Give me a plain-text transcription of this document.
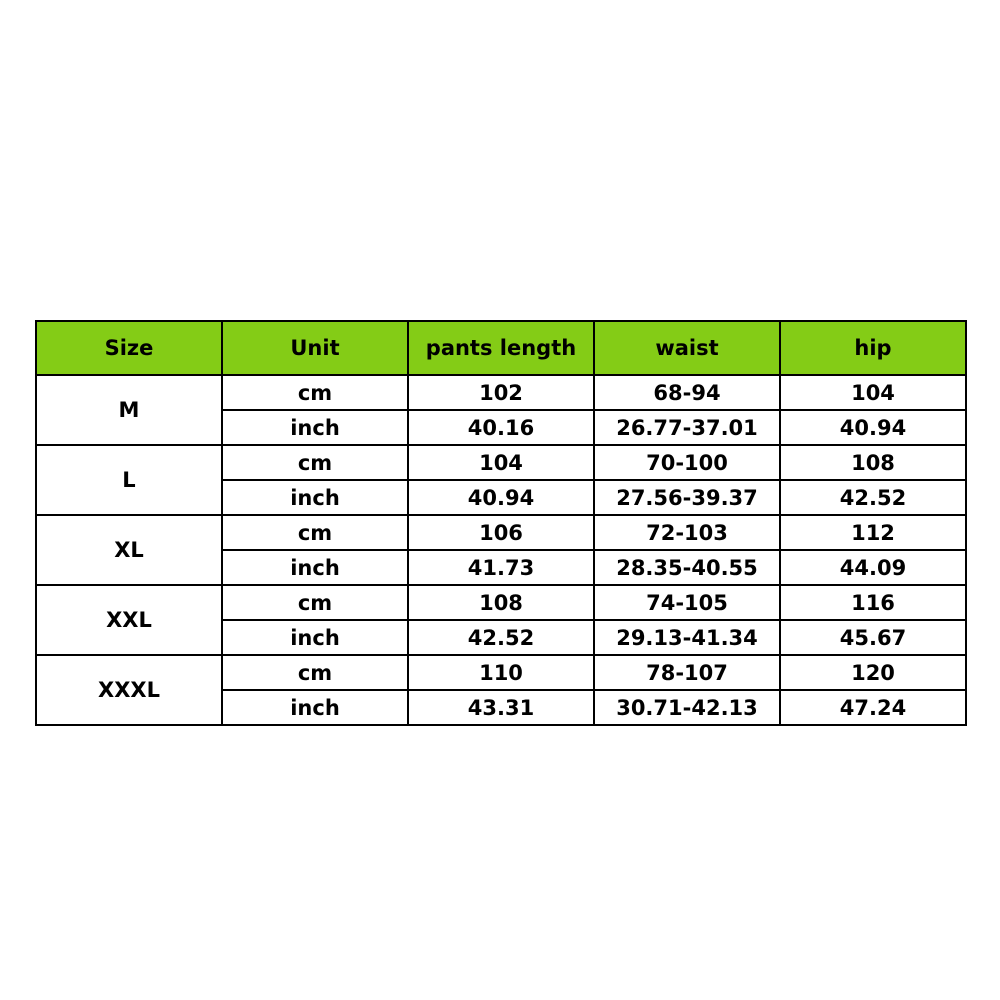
Size	Unit	pants length	waist	hip
M	cm	102	68-94	104
	inch	40.16	26.77-37.01	40.94
L	cm	104	70-100	108
	inch	40.94	27.56-39.37	42.52
XL	cm	106	72-103	112
	inch	41.73	28.35-40.55	44.09
XXL	cm	108	74-105	116
	inch	42.52	29.13-41.34	45.67
XXXL	cm	110	78-107	120
	inch	43.31	30.71-42.13	47.24
